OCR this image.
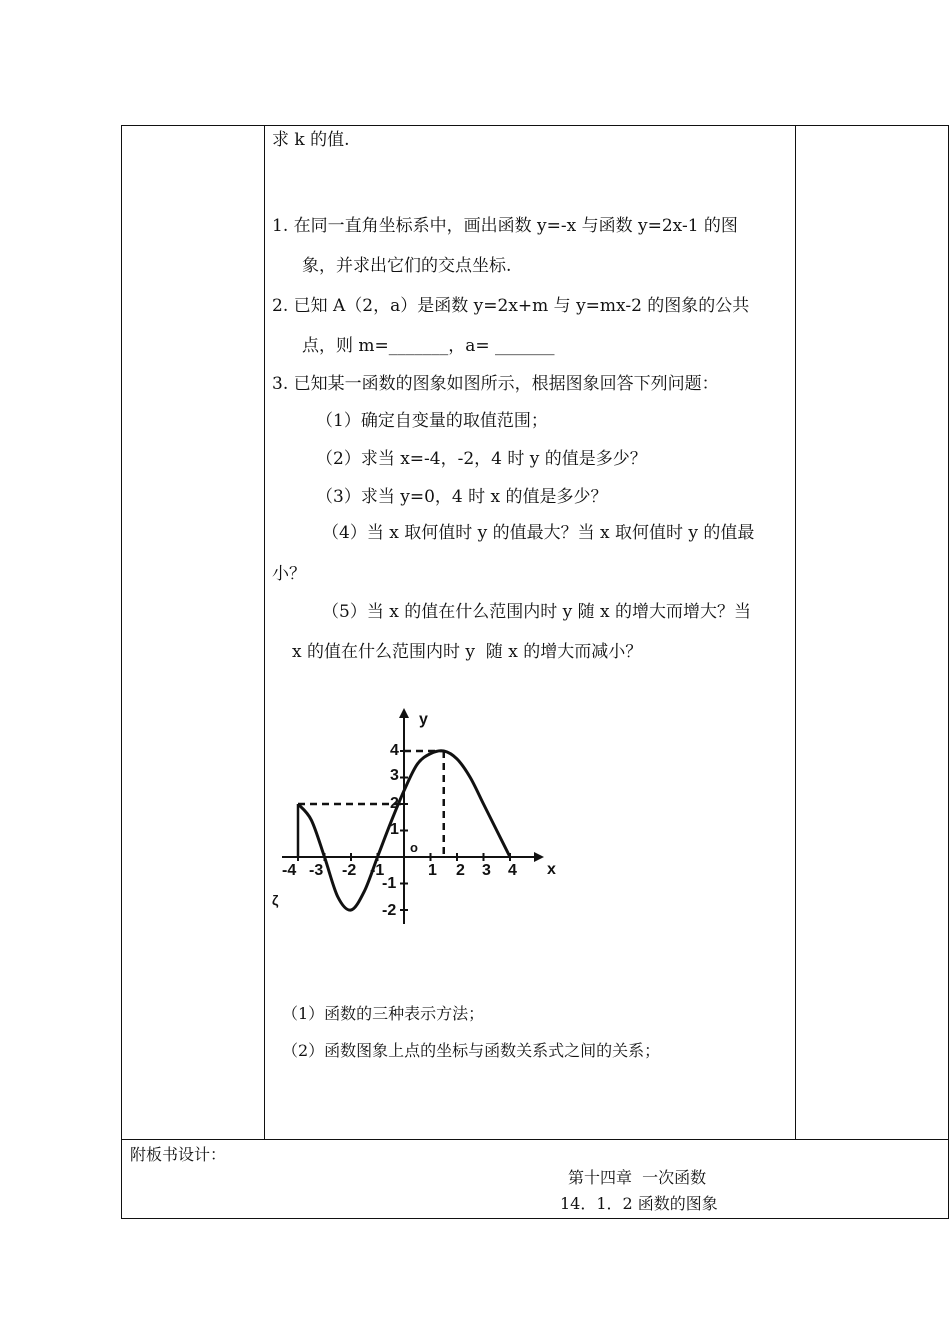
求 k 的值.
1. 在同一直角坐标系中，画出函数 y=-x 与函数 y=2x-1 的图
象，并求出它们的交点坐标.
2. 已知 A（2，a）是函数 y=2x+m 与 y=mx-2 的图象的公共
点，则 m=_______，a= _______
3. 已知某一函数的图象如图所示，根据图象回答下列问题：
（1）确定自变量的取值范围；
（2）求当 x=-4，-2，4 时 y 的值是多少？
（3）求当 y=0，4 时 x 的值是多少？
（4）当 x 取何值时 y 的值最大？当 x 取何值时 y 的值最
小？
（5）当 x 的值在什么范围内时 y 随 x 的增大而增大？当
x 的值在什么范围内时 y  随 x 的增大而减小？
x
y
o
-4 -3 -2 -1	1 2 3 4
4
3
2
1
-1
-2
ζ
（1）函数的三种表示方法；
（2）函数图象上点的坐标与函数关系式之间的关系；
附板书设计：
第十四章  一次函数
14．1．2 函数的图象
